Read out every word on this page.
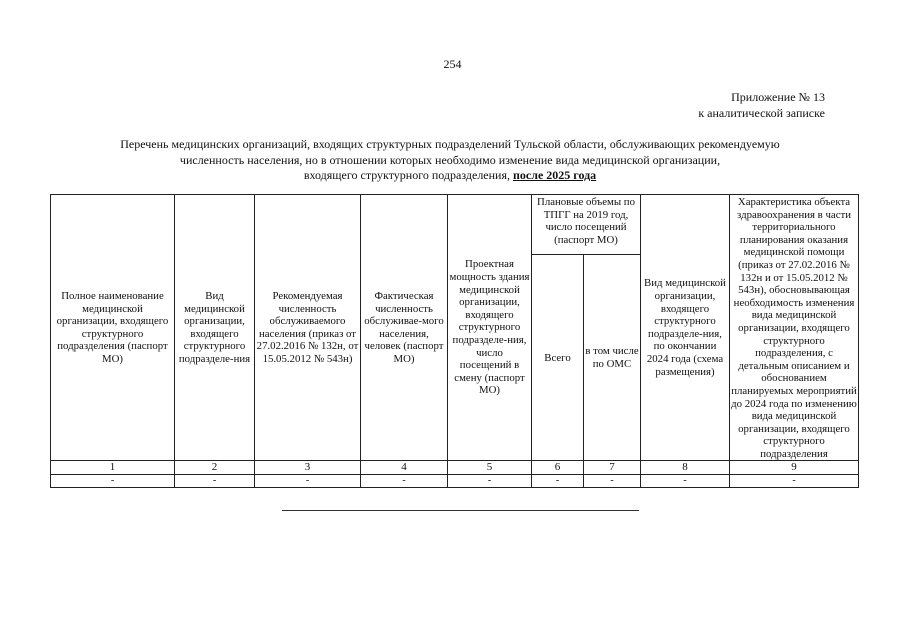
254
Приложение № 13
к аналитической записке
Перечень медицинских организаций, входящих структурных подразделений Тульской области, обслуживающих рекомендуемую
численность населения, но в отношении которых необходимо изменение вида медицинской организации,
входящего структурного подразделения, после 2025 года
Полное наименование медицинской организации, входящего структурного подразделения (паспорт МО)	Вид медицинской организации, входящего структурного подразделе-ния	Рекомендуемая численность обслуживаемого населения (приказ от 27.02.2016 № 132н, от 15.05.2012 № 543н)	Фактическая численность обслуживае-мого населения, человек (паспорт МО)	Проектная мощность здания медицинской организации, входящего структурного подразделе-ния, число посещений в смену (паспорт МО)	Плановые объемы по ТПГГ на 2019 год, число посещений (паспорт МО)		Вид медицинской организации, входящего структурного подразделе-ния, по окончании 2024 года (схема размещения)	Характеристика объекта здравоохранения в части территориального планирования оказания медицинской помощи (приказ от 27.02.2016 № 132н и от 15.05.2012 № 543н), обосновывающая необходимость изменения вида медицинской организации, входящего структурного подразделения, с детальным описанием и обоснованием планируемых мероприятий до 2024 года по изменению вида медицинской организации, входящего структурного подразделения
					Всего	в том числе по ОМС		
1	2	3	4	5	6	7	8	9
-	-	-	-	-	-	-	-	-
